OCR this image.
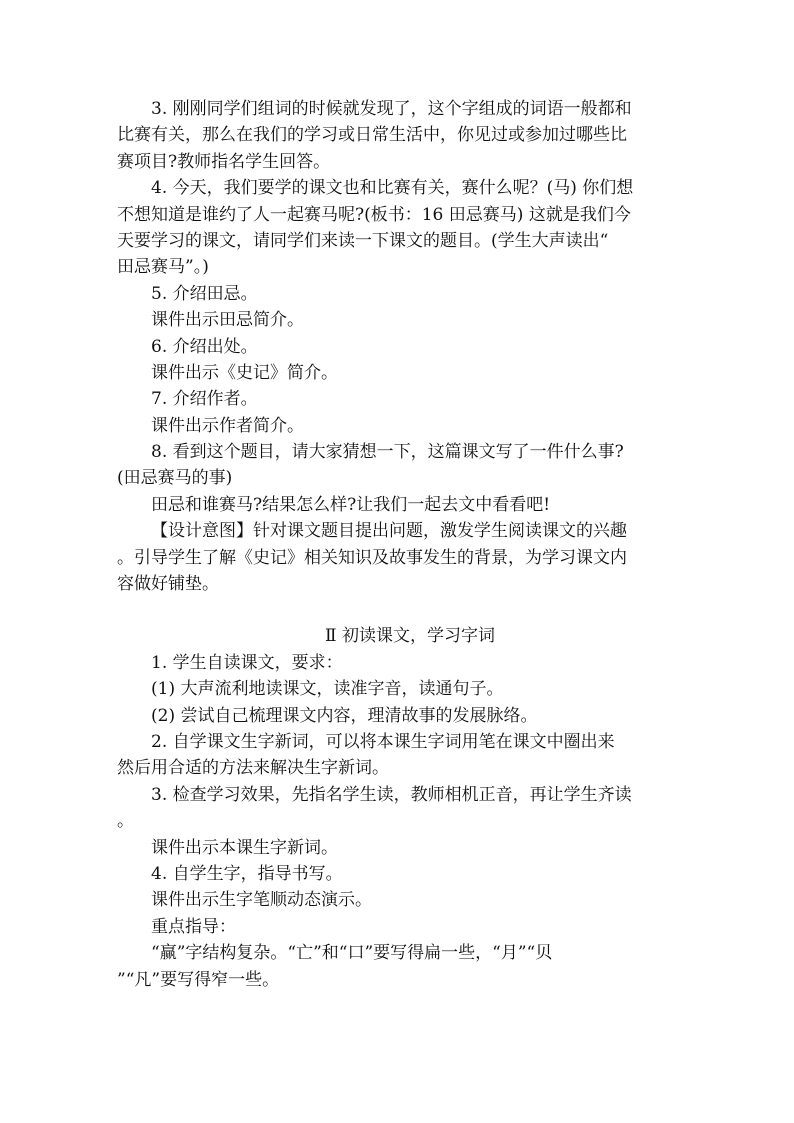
3. 刚刚同学们组词的时候就发现了，这个字组成的词语一般都和
比赛有关，那么在我们的学习或日常生活中，你见过或参加过哪些比
赛项目?教师指名学生回答。
4. 今天，我们要学的课文也和比赛有关，赛什么呢？(马) 你们想
不想知道是谁约了人一起赛马呢?(板书：16 田忌赛马) 这就是我们今
天要学习的课文，请同学们来读一下课文的题目。(学生大声读出“
田忌赛马”。)
5. 介绍田忌。
课件出示田忌简介。
6. 介绍出处。
课件出示《史记》简介。
7. 介绍作者。
课件出示作者简介。
8. 看到这个题目，请大家猜想一下，这篇课文写了一件什么事?
(田忌赛马的事)
田忌和谁赛马?结果怎么样?让我们一起去文中看看吧!
【设计意图】针对课文题目提出问题，激发学生阅读课文的兴趣
。引导学生了解《史记》相关知识及故事发生的背景，为学习课文内
容做好铺垫。
Ⅱ 初读课文，学习字词
1. 学生自读课文，要求：
(1) 大声流利地读课文，读准字音，读通句子。
(2) 尝试自己梳理课文内容，理清故事的发展脉络。
2. 自学课文生字新词，可以将本课生字词用笔在课文中圈出来
然后用合适的方法来解决生字新词。
3. 检查学习效果，先指名学生读，教师相机正音，再让学生齐读
。
课件出示本课生字新词。
4. 自学生字，指导书写。
课件出示生字笔顺动态演示。
重点指导：
“赢”字结构复杂。“亡”和“口”要写得扁一些，“月”“贝
”“凡”要写得窄一些。
